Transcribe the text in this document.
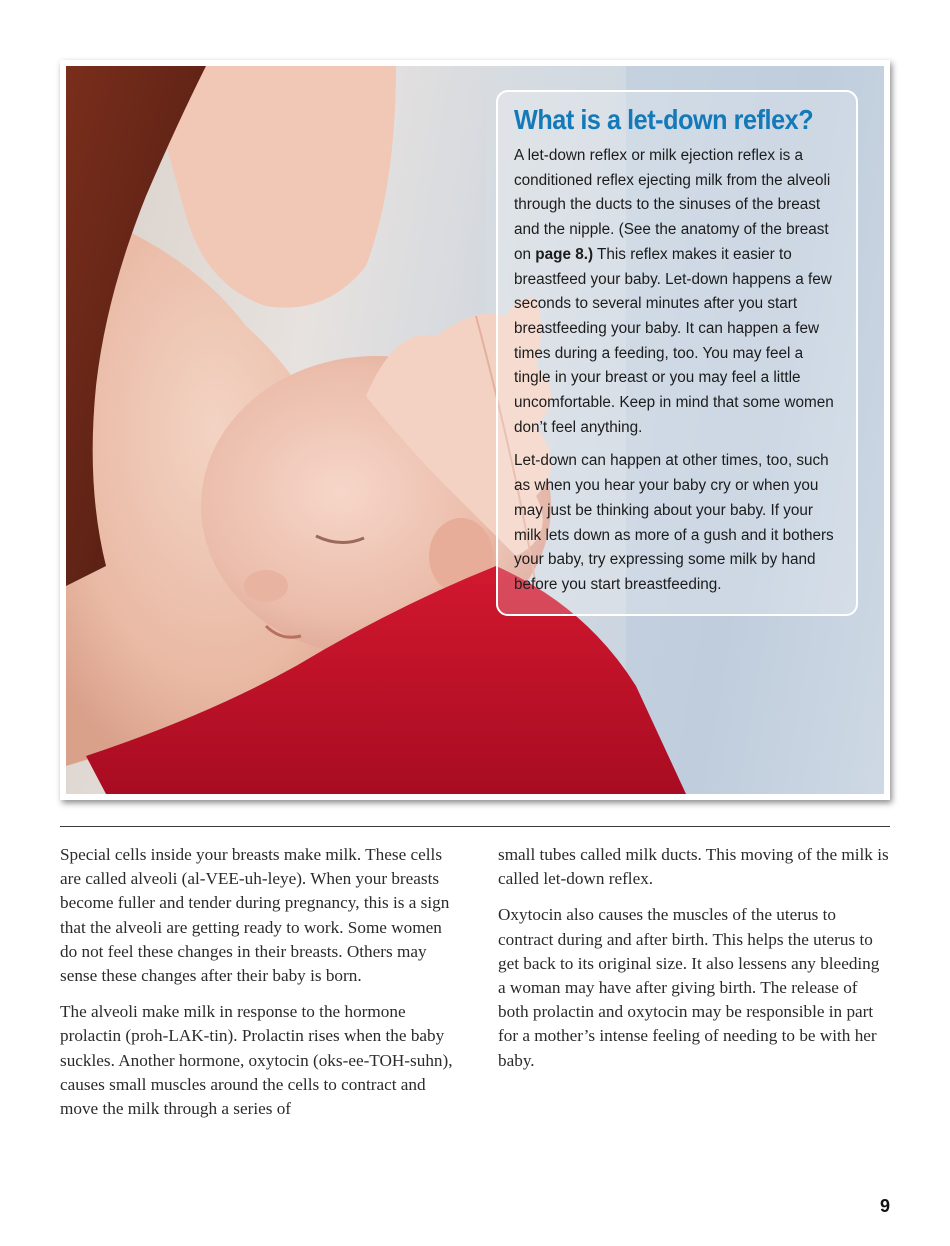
What is a let-down reflex?

A let-down reflex or milk ejection reflex is a conditioned reflex ejecting milk from the alveoli through the ducts to the sinuses of the breast and the nipple. (See the anatomy of the breast on page 8.) This reflex makes it easier to breastfeed your baby. Let-down happens a few seconds to several minutes after you start breastfeeding your baby. It can happen a few times during a feeding, too. You may feel a tingle in your breast or you may feel a little uncomfortable. Keep in mind that some women don’t feel anything.

Let-down can happen at other times, too, such as when you hear your baby cry or when you may just be thinking about your baby. If your milk lets down as more of a gush and it bothers your baby, try expressing some milk by hand before you start breastfeeding.

Special cells inside your breasts make milk. These cells are called alveoli (al-VEE-uh-leye). When your breasts become fuller and tender during pregnancy, this is a sign that the alveoli are getting ready to work. Some women do not feel these changes in their breasts. Others may sense these changes after their baby is born.

The alveoli make milk in response to the hormone prolactin (proh-LAK-tin). Prolactin rises when the baby suckles. Another hormone, oxytocin (oks-ee-TOH-suhn), causes small muscles around the cells to contract and move the milk through a series of

small tubes called milk ducts. This moving of the milk is called let-down reflex.

Oxytocin also causes the muscles of the uterus to contract during and after birth. This helps the uterus to get back to its original size. It also lessens any bleeding a woman may have after giving birth. The release of both prolactin and oxytocin may be responsible in part for a mother’s intense feeling of needing to be with her baby.

9
